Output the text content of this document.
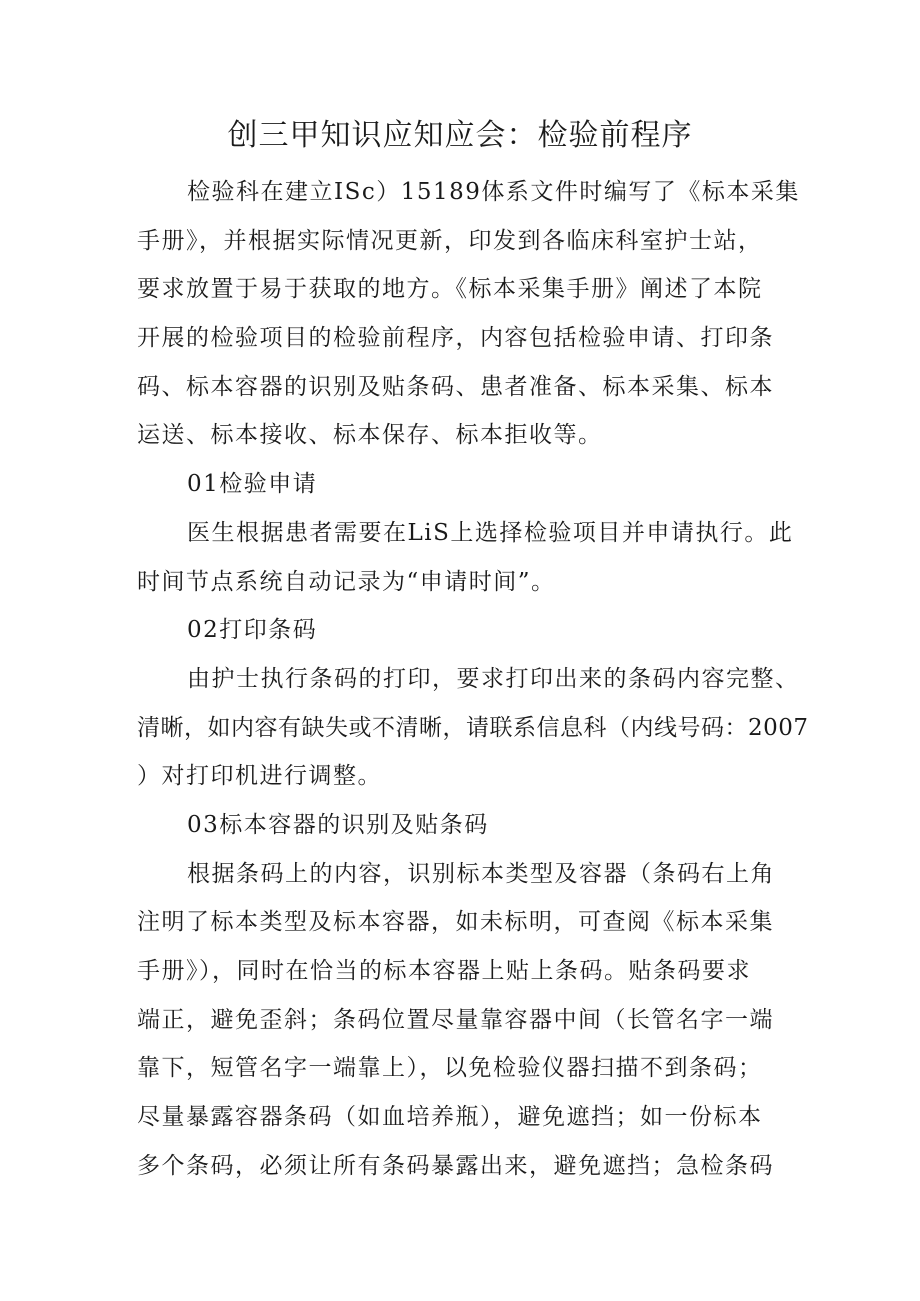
创三甲知识应知应会：检验前程序
检验科在建立ISc）15189体系文件时编写了《标本采集
手册》，并根据实际情况更新，印发到各临床科室护士站，
要求放置于易于获取的地方。《标本采集手册》阐述了本院
开展的检验项目的检验前程序，内容包括检验申请、打印条
码、标本容器的识别及贴条码、患者准备、标本采集、标本
运送、标本接收、标本保存、标本拒收等。
01检验申请
医生根据患者需要在LiS上选择检验项目并申请执行。此
时间节点系统自动记录为“申请时间”。
02打印条码
由护士执行条码的打印，要求打印出来的条码内容完整、
清晰，如内容有缺失或不清晰，请联系信息科（内线号码：2007
）对打印机进行调整。
03标本容器的识别及贴条码
根据条码上的内容，识别标本类型及容器（条码右上角
注明了标本类型及标本容器，如未标明，可查阅《标本采集
手册》），同时在恰当的标本容器上贴上条码。贴条码要求
端正，避免歪斜；条码位置尽量靠容器中间（长管名字一端
靠下，短管名字一端靠上），以免检验仪器扫描不到条码；
尽量暴露容器条码（如血培养瓶），避免遮挡；如一份标本
多个条码，必须让所有条码暴露出来，避免遮挡；急检条码
